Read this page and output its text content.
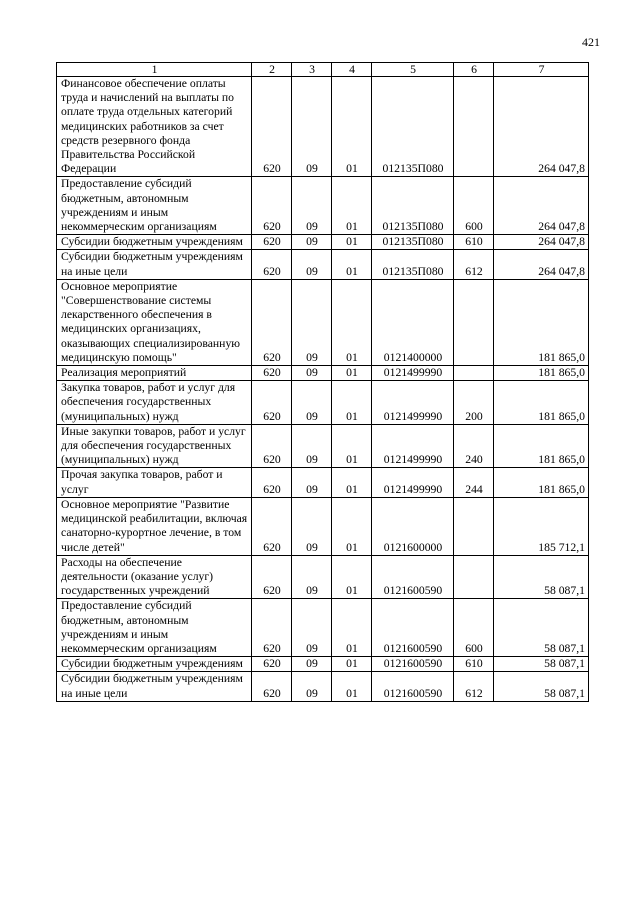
421
1	2	3	4	5	6	7
Финансовое обеспечение оплаты труда и начислений на выплаты по оплате труда отдельных категорий медицинских работников за счет средств резервного фонда Правительства Российской Федерации	620	09	01	012135П080		264 047,8
Предоставление субсидий бюджетным, автономным учреждениям и иным некоммерческим организациям	620	09	01	012135П080	600	264 047,8
Субсидии бюджетным учреждениям	620	09	01	012135П080	610	264 047,8
Субсидии бюджетным учреждениям на иные цели	620	09	01	012135П080	612	264 047,8
Основное мероприятие "Совершенствование системы лекарственного обеспечения в медицинских организациях, оказывающих специализированную медицинскую помощь"	620	09	01	0121400000		181 865,0
Реализация мероприятий	620	09	01	0121499990		181 865,0
Закупка товаров, работ и услуг для обеспечения государственных (муниципальных) нужд	620	09	01	0121499990	200	181 865,0
Иные закупки товаров, работ и услуг для обеспечения государственных (муниципальных) нужд	620	09	01	0121499990	240	181 865,0
Прочая закупка товаров, работ и услуг	620	09	01	0121499990	244	181 865,0
Основное мероприятие "Развитие медицинской реабилитации, включая санаторно-курортное лечение, в том числе детей"	620	09	01	0121600000		185 712,1
Расходы на обеспечение деятельности (оказание услуг) государственных учреждений	620	09	01	0121600590		58 087,1
Предоставление субсидий бюджетным, автономным учреждениям и иным некоммерческим организациям	620	09	01	0121600590	600	58 087,1
Субсидии бюджетным учреждениям	620	09	01	0121600590	610	58 087,1
Субсидии бюджетным учреждениям на иные цели	620	09	01	0121600590	612	58 087,1
